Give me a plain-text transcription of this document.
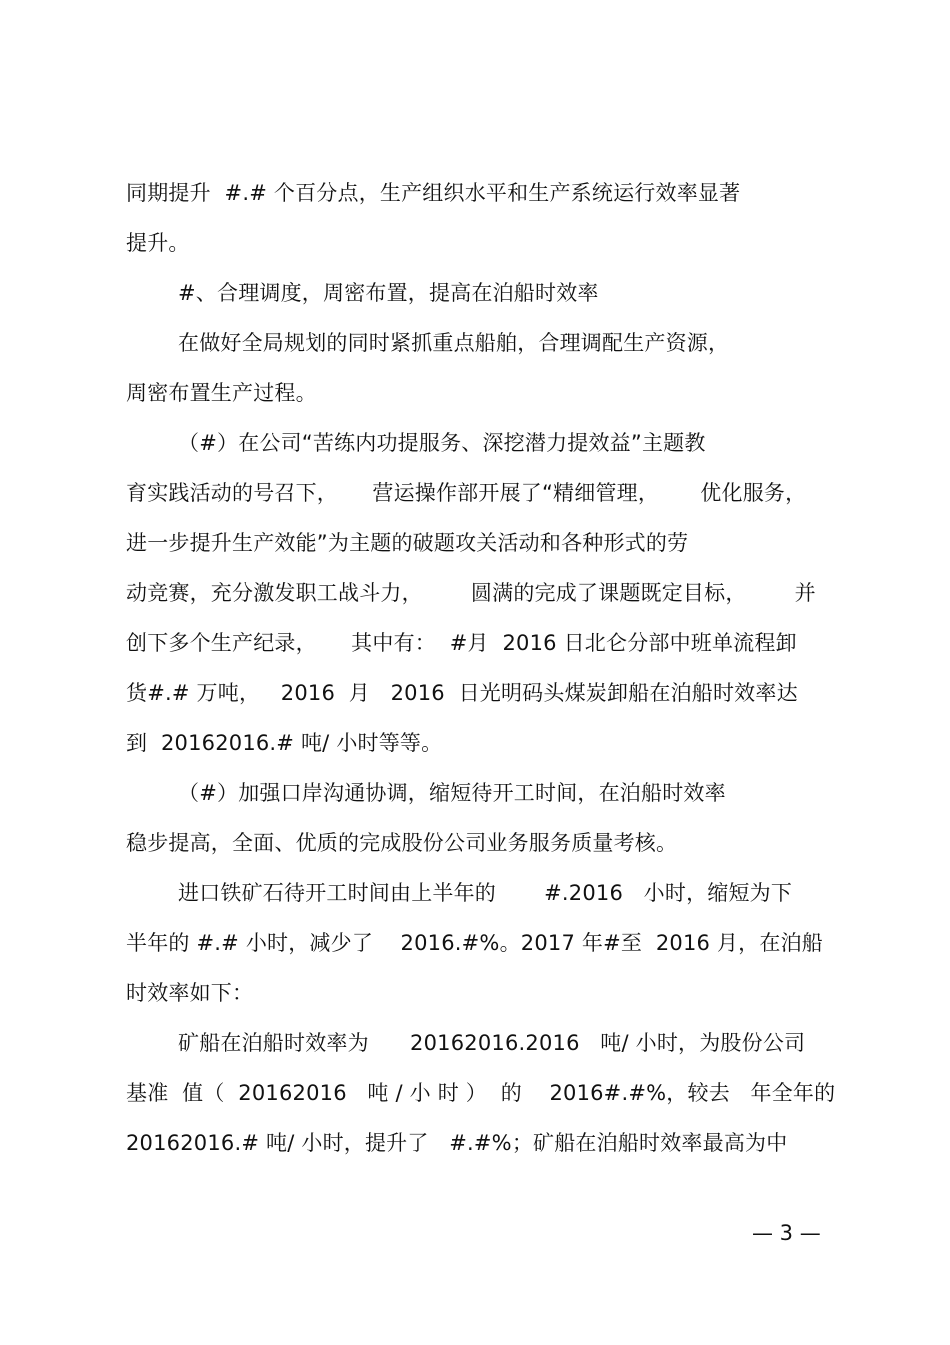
同期提升  #.# 个百分点，生产组织水平和生产系统运行效率显著
提升。
#、合理调度，周密布置，提高在泊船时效率
在做好全局规划的同时紧抓重点船舶，合理调配生产资源，
周密布置生产过程。
（#）在公司“苦练内功提服务、深挖潜力提效益”主题教
育实践活动的号召下，     营运操作部开展了“精细管理，      优化服务，
进一步提升生产效能”为主题的破题攻关活动和各种形式的劳
动竞赛，充分激发职工战斗力，       圆满的完成了课题既定目标，       并
创下多个生产纪录，     其中有：  #月  2016 日北仑分部中班单流程卸
货#.# 万吨，   2016  月   2016  日光明码头煤炭卸船在泊船时效率达
到  20162016.# 吨/ 小时等等。
（#）加强口岸沟通协调，缩短待开工时间，在泊船时效率
稳步提高，全面、优质的完成股份公司业务服务质量考核。
进口铁矿石待开工时间由上半年的       #.2016   小时，缩短为下
半年的 #.# 小时，减少了    2016.#%。2017 年#至  2016 月，在泊船
时效率如下：
矿船在泊船时效率为      20162016.2016   吨/ 小时，为股份公司
基准  值（  20162016   吨 / 小 时 ）  的    2016#.#%，较去   年全年的
20162016.# 吨/ 小时，提升了   #.#%；矿船在泊船时效率最高为中
— 3 —
